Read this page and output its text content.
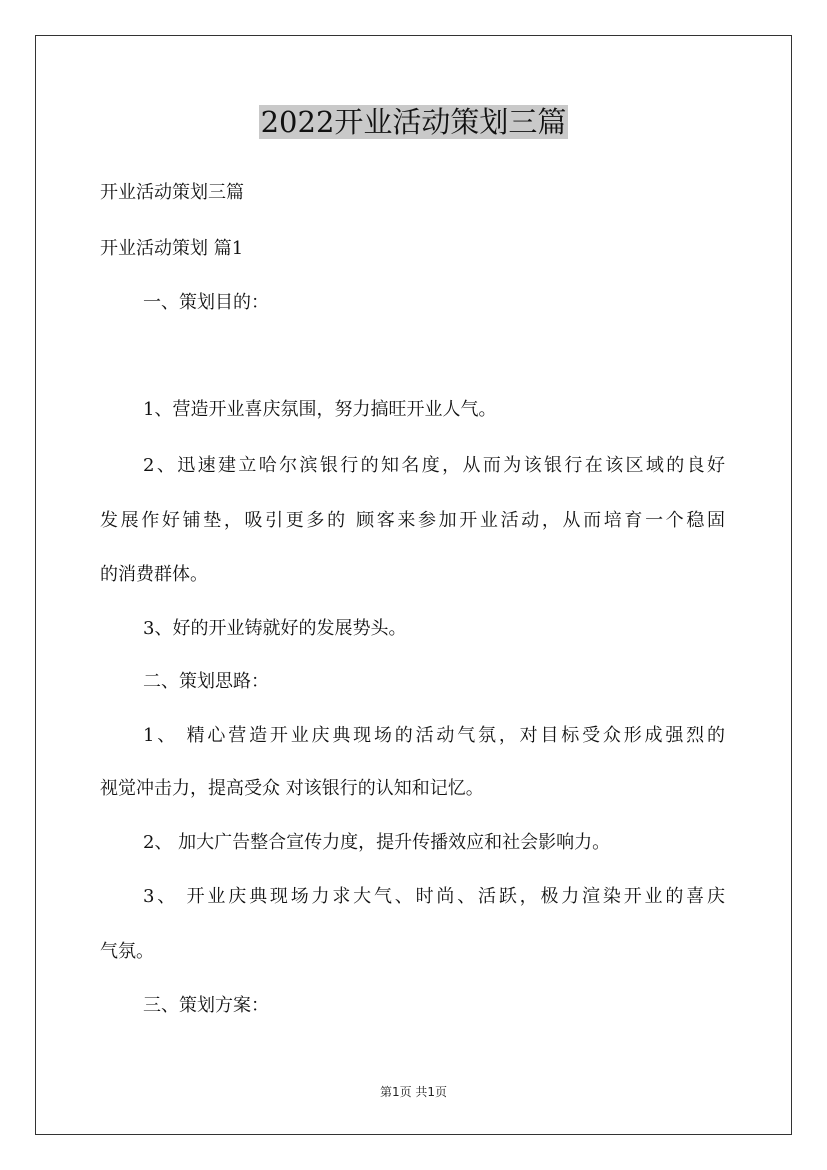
2022开业活动策划三篇
开业活动策划三篇
开业活动策划 篇1
一、策划目的：
1、营造开业喜庆氛围，努力搞旺开业人气。
2、迅速建立哈尔滨银行的知名度，从而为该银行在该区域的良好
发展作好铺垫，吸引更多的 顾客来参加开业活动，从而培育一个稳固
的消费群体。
3、好的开业铸就好的发展势头。
二、策划思路：
1、 精心营造开业庆典现场的活动气氛，对目标受众形成强烈的
视觉冲击力，提高受众 对该银行的认知和记忆。
2、 加大广告整合宣传力度，提升传播效应和社会影响力。
3、 开业庆典现场力求大气、时尚、活跃，极力渲染开业的喜庆
气氛。
三、策划方案：
第1页 共1页
